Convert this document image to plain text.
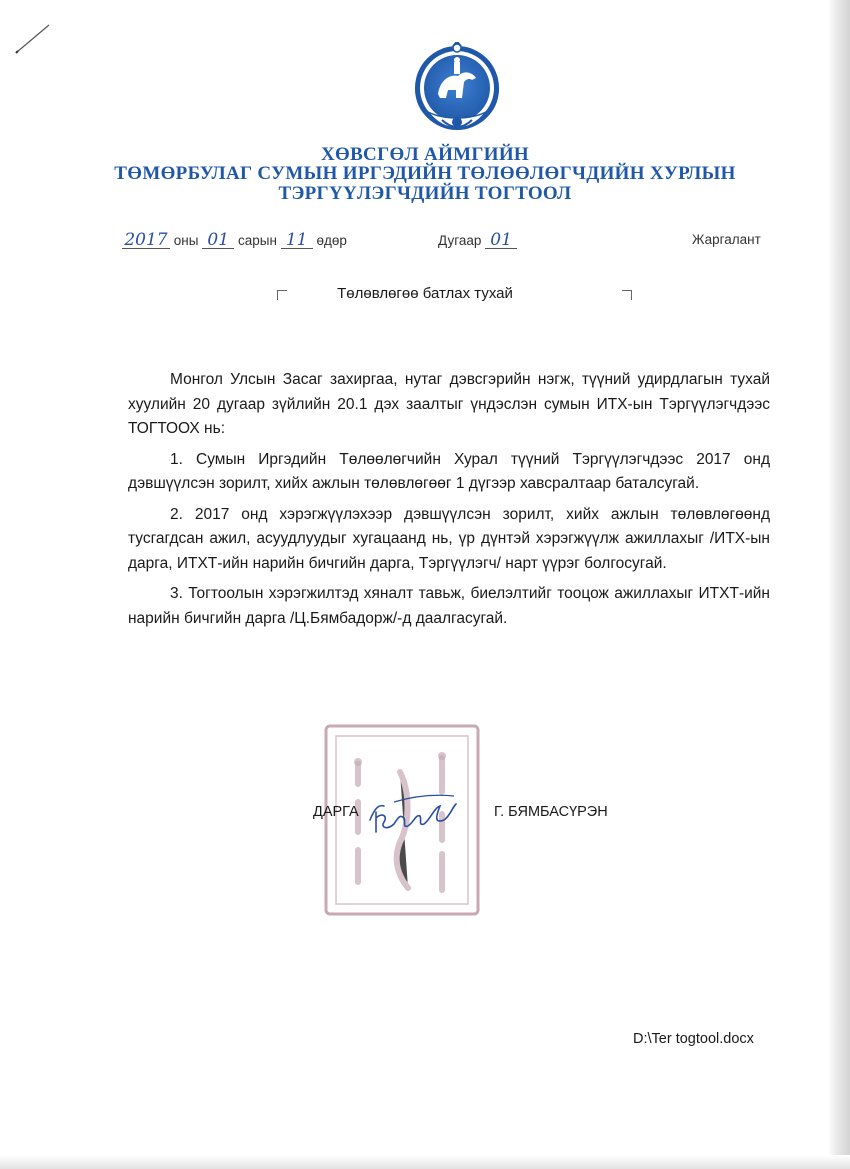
ХӨВСГӨЛ АЙМГИЙН
ТӨМӨРБУЛАГ СУМЫН ИРГЭДИЙН ТӨЛӨӨЛӨГЧДИЙН ХУРЛЫН
ТЭРГҮҮЛЭГЧДИЙН ТОГТООЛ
2017 оны 01 сарын 11 өдөр	Дугаар 01	Жаргалант
Төлөвлөгөө батлах тухай

Монгол Улсын Засаг захиргаа, нутаг дэвсгэрийн нэгж, түүний удирдлагын тухай хуулийн 20 дугаар зүйлийн 20.1 дэх заалтыг үндэслэн сумын ИТХ-ын Тэргүүлэгчдээс ТОГТООХ нь:

1. Сумын Иргэдийн Төлөөлөгчийн Хурал түүний Тэргүүлэгчдээс 2017 онд дэвшүүлсэн зорилт, хийх ажлын төлөвлөгөөг 1 дүгээр хавсралтаар баталсугай.

2. 2017 онд хэрэгжүүлэхээр дэвшүүлсэн зорилт, хийх ажлын төлөвлөгөөнд тусгагдсан ажил, асуудлуудыг хугацаанд нь, үр дүнтэй хэрэгжүүлж ажиллахыг /ИТХ-ын дарга, ИТХТ-ийн нарийн бичгийн дарга, Тэргүүлэгч/ нарт үүрэг болгосугай.

3. Тогтоолын хэрэгжилтэд хяналт тавьж, биелэлтийг тооцож ажиллахыг ИТХТ-ийн нарийн бичгийн дарга /Ц.Бямбадорж/-д даалгасугай.

ДАРГА	Г. БЯМБАСҮРЭН
D:\Ter togtool.docx
